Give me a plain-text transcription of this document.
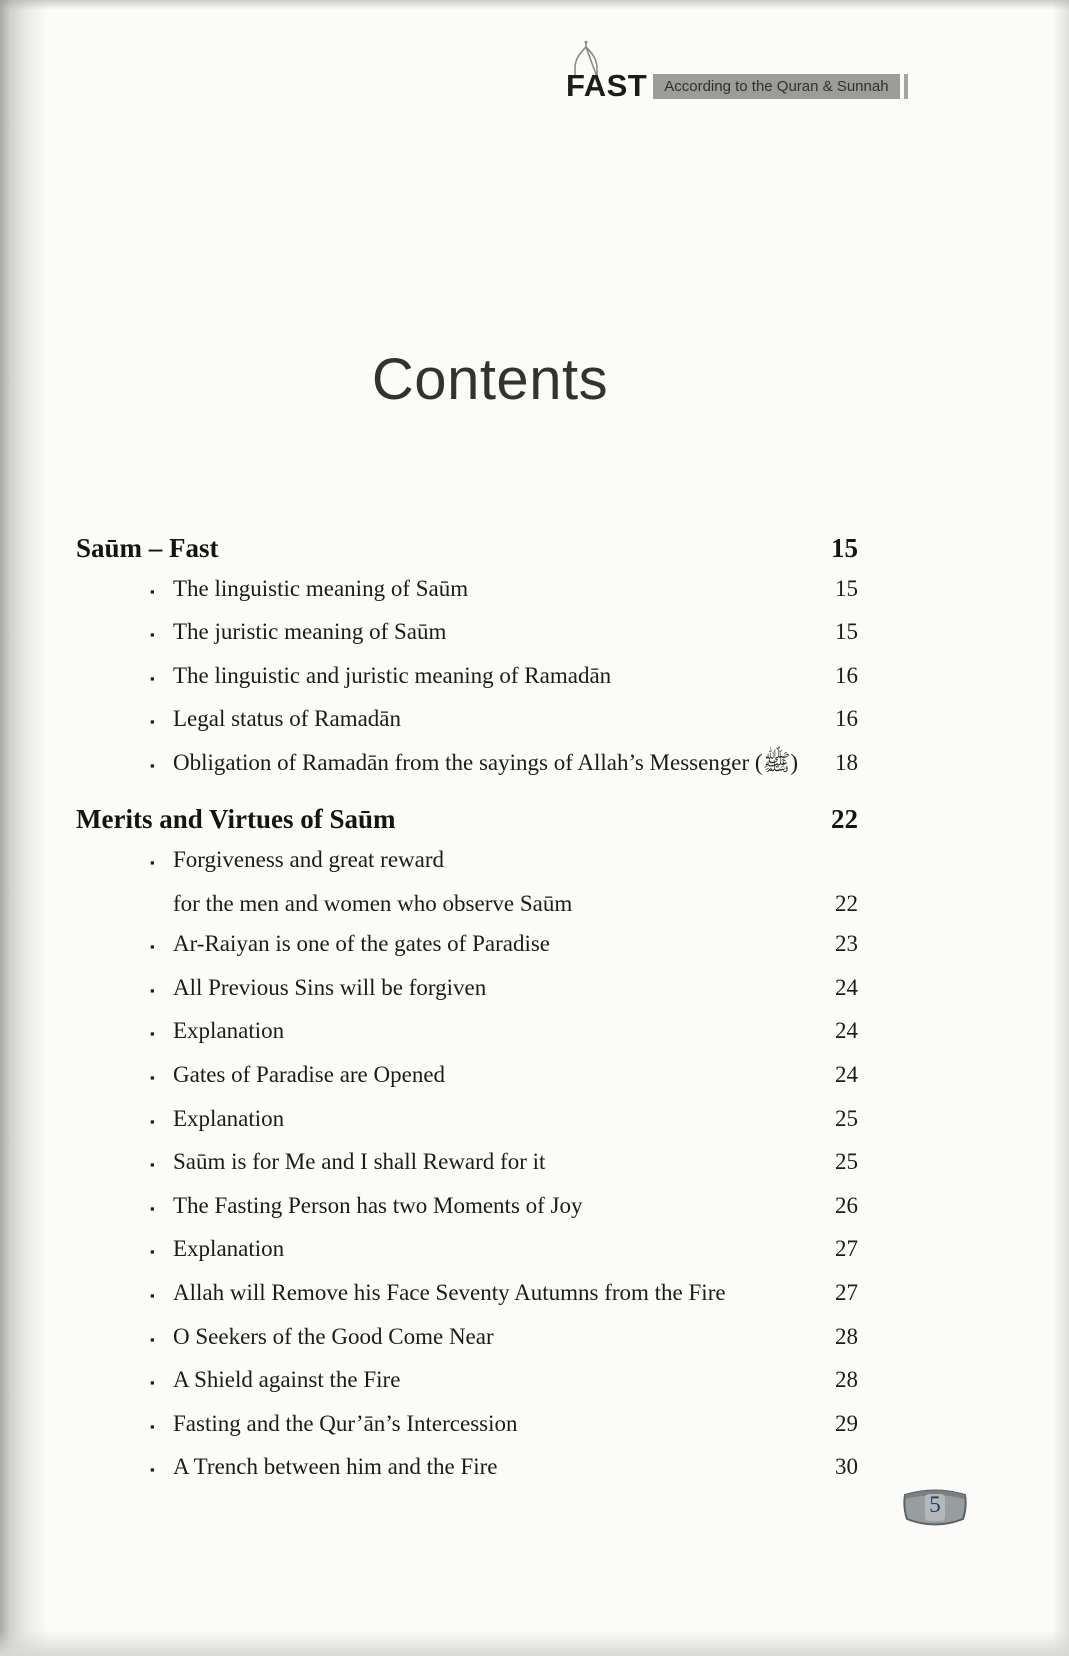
FAST	According to the Quran & Sunnah
Contents
Saūm – Fast	15
▪ The linguistic meaning of Saūm	15
▪ The juristic meaning of Saūm	15
▪ The linguistic and juristic meaning of Ramadān	16
▪ Legal status of Ramadān	16
▪ Obligation of Ramadān from the sayings of Allah’s Messenger (ﷺ)	18
Merits and Virtues of Saūm	22
▪ Forgiveness and great reward
for the men and women who observe Saūm	22
▪ Ar-Raiyan is one of the gates of Paradise	23
▪ All Previous Sins will be forgiven	24
▪ Explanation	24
▪ Gates of Paradise are Opened	24
▪ Explanation	25
▪ Saūm is for Me and I shall Reward for it	25
▪ The Fasting Person has two Moments of Joy	26
▪ Explanation	27
▪ Allah will Remove his Face Seventy Autumns from the Fire	27
▪ O Seekers of the Good Come Near	28
▪ A Shield against the Fire	28
▪ Fasting and the Qur’ān’s Intercession	29
▪ A Trench between him and the Fire	30
5
